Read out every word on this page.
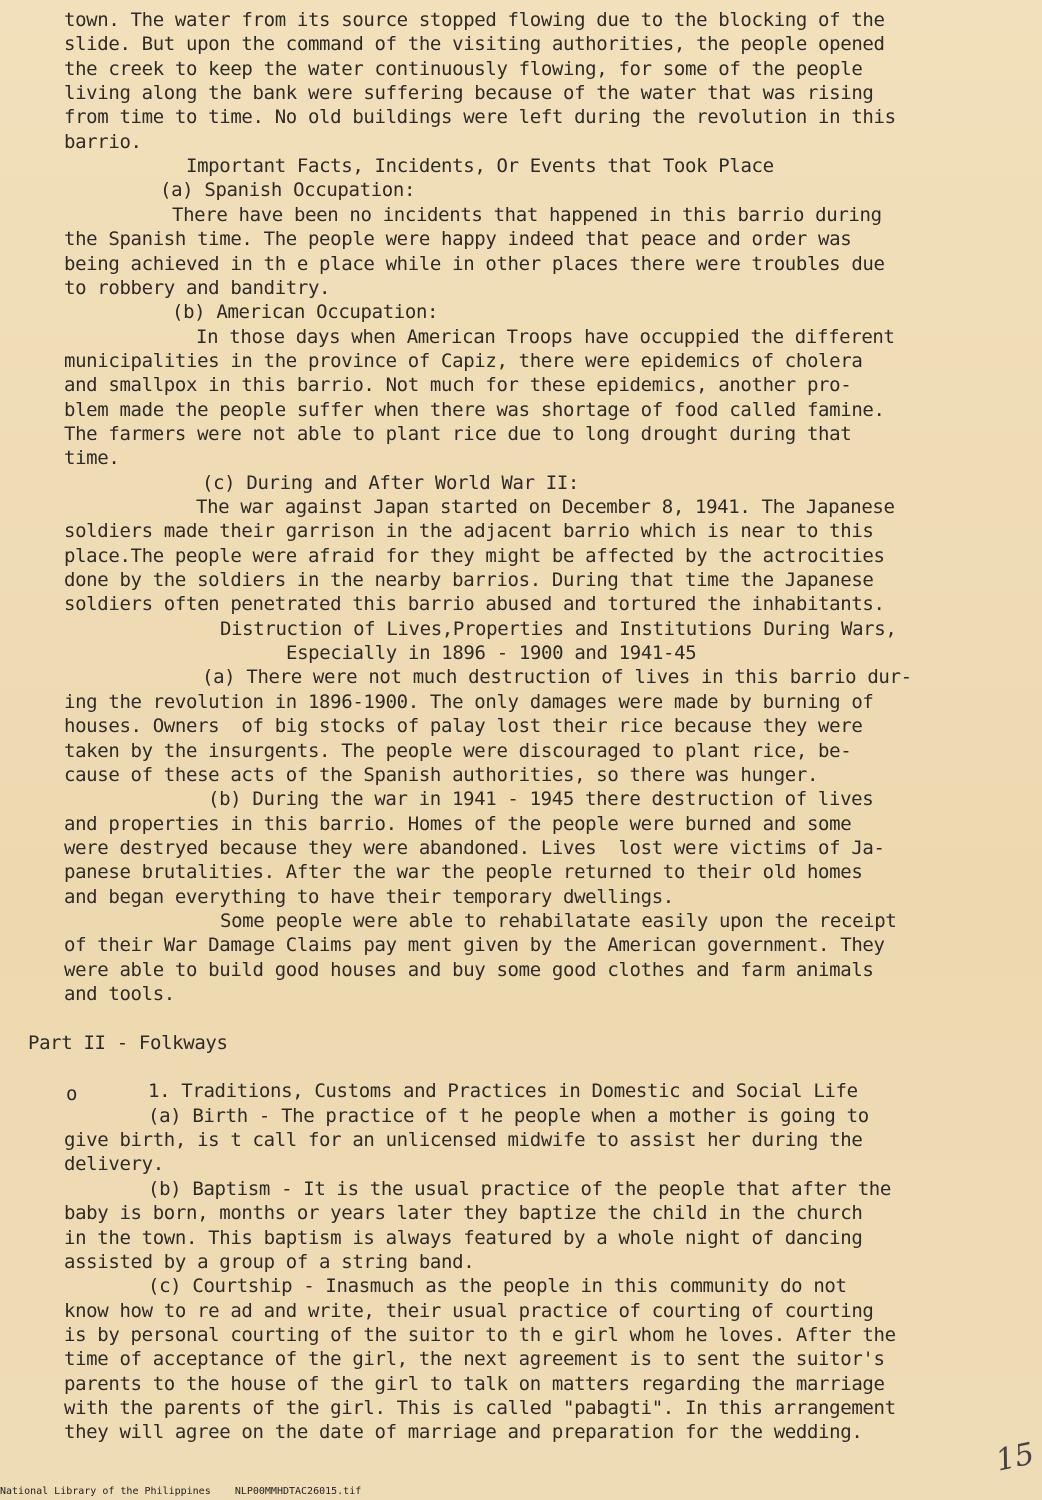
town. The water from its source stopped flowing due to the blocking of the

slide. But upon the command of the visiting authorities, the people opened

the creek to keep the water continuously flowing, for some of the people

living along the bank were suffering because of the water that was rising

from time to time. No old buildings were left during the revolution in this

barrio.

Important Facts, Incidents, Or Events that Took Place

(a) Spanish Occupation:

There have been no incidents that happened in this barrio during

the Spanish time. The people were happy indeed that peace and order was

being achieved in th e place while in other places there were troubles due

to robbery and banditry.

(b) American Occupation:

In those days when American Troops have occuppied the different

municipalities in the province of Capiz, there were epidemics of cholera

and smallpox in this barrio. Not much for these epidemics, another pro-

blem made the people suffer when there was shortage of food called famine.

The farmers were not able to plant rice due to long drought during that

time.

(c) During and After World War II:

The war against Japan started on December 8, 1941. The Japanese

soldiers made their garrison in the adjacent barrio which is near to this

place.The people were afraid for they might be affected by the actrocities

done by the soldiers in the nearby barrios. During that time the Japanese

soldiers often penetrated this barrio abused and tortured the inhabitants.

Distruction of Lives,Properties and Institutions During Wars,

Especially in 1896 - 1900 and 1941-45

(a) There were not much destruction of lives in this barrio dur-

ing the revolution in 1896-1900. The only damages were made by burning of

houses. Owners  of big stocks of palay lost their rice because they were

taken by the insurgents. The people were discouraged to plant rice, be-

cause of these acts of the Spanish authorities, so there was hunger.

(b) During the war in 1941 - 1945 there destruction of lives

and properties in this barrio. Homes of the people were burned and some

were destryed because they were abandoned. Lives  lost were victims of Ja-

panese brutalities. After the war the people returned to their old homes

and began everything to have their temporary dwellings.

Some people were able to rehabilatate easily upon the receipt

of their War Damage Claims pay ment given by the American government. They

were able to build good houses and buy some good clothes and farm animals

and tools.

Part II - Folkways

1. Traditions, Customs and Practices in Domestic and Social Life

(a) Birth - The practice of t he people when a mother is going to

give birth, is t call for an unlicensed midwife to assist her during the

delivery.

(b) Baptism - It is the usual practice of the people that after the

baby is born, months or years later they baptize the child in the church

in the town. This baptism is always featured by a whole night of dancing

assisted by a group of a string band.

(c) Courtship - Inasmuch as the people in this community do not

know how to re ad and write, their usual practice of courting of courting

is by personal courting of the suitor to th e girl whom he loves. After the

time of acceptance of the girl, the next agreement is to sent the suitor's

parents to the house of the girl to talk on matters regarding the marriage

with the parents of the girl. This is called "pabagti". In this arrangement

they will agree on the date of marriage and preparation for the wedding.

o
15
National Library of the Philippines NLP00MMHDTAC26015.tif
